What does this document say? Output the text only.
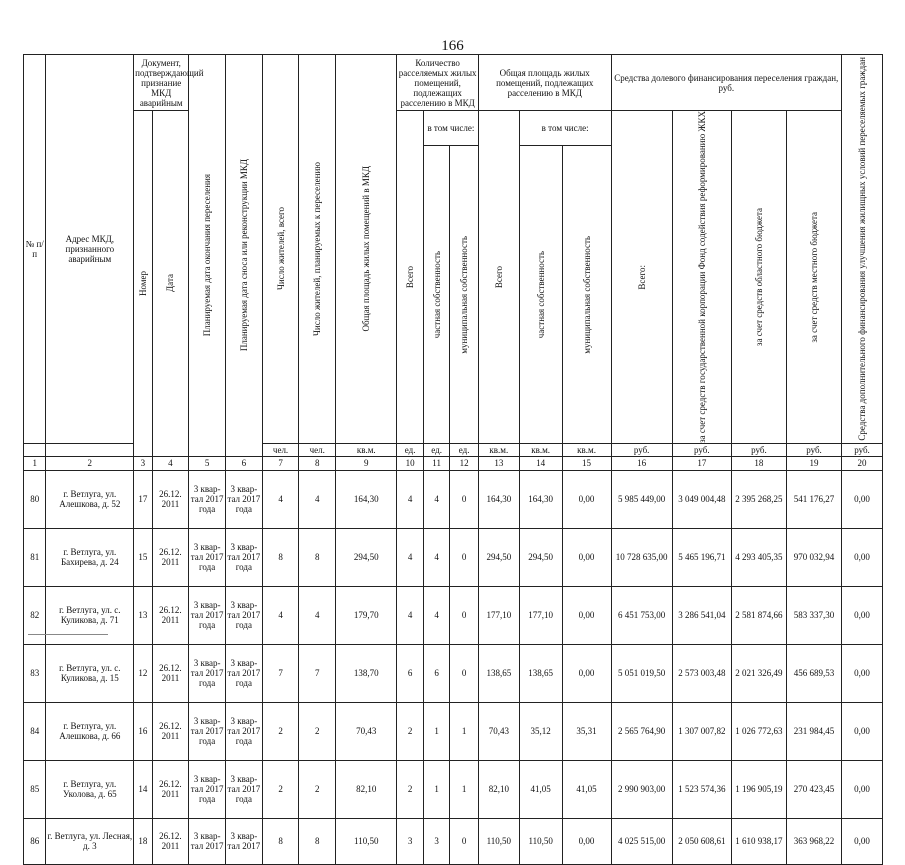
166
№ п/п	Адрес МКД, признанного аварийным	Документ, подтверждающий признание МКД аварийным		Планируемая дата окончания переселения	Планируемая дата сноса или реконструкции МКД	Число жителей, всего	Число жителей, планируемых к переселению	Общая площадь жилых помещений в МКД	Количество расселяемых жилых помещений, подлежащих расселению в МКД			Общая площадь жилых помещений, подлежащих расселению в МКД			Средства долевого финансирования переселения граждан, руб.				Средства дополнительного финансирования улучшения жилищных условий переселяемых граждан

		Номер	Дата						Всего	в том числе:		Всего	в том числе:		Всего:	за счет средств государственной корпорации Фонд содействия реформированию ЖКХ	за счет средств областного бюджета	за счет средств местного бюджета	

										частная собственность	муниципальная собственность		частная собственность	муниципальная собственность					

						чел.	чел.	кв.м.	ед.	ед.	ед.	кв.м.	кв.м.	кв.м.	руб.	руб.	руб.	руб.	руб.
1	2	3	4	5	6	7	8	9	10	11	12	13	14	15	16	17	18	19	20
80	г. Ветлуга, ул. Алешкова, д. 52	17	26.12. 2011	3 квар- тал 2017 года	3 квар- тал 2017 года	4	4	164,30	4	4	0	164,30	164,30	0,00	5 985 449,00	3 049 004,48	2 395 268,25	541 176,27	0,00
81	г. Ветлуга, ул. Бахирева, д. 24	15	26.12. 2011	3 квар- тал 2017 года	3 квар- тал 2017 года	8	8	294,50	4	4	0	294,50	294,50	0,00	10 728 635,00	5 465 196,71	4 293 405,35	970 032,94	0,00
82	г. Ветлуга, ул. с. Куликова, д. 71	13	26.12. 2011	3 квар- тал 2017 года	3 квар- тал 2017 года	4	4	179,70	4	4	0	177,10	177,10	0,00	6 451 753,00	3 286 541,04	2 581 874,66	583 337,30	0,00
83	г. Ветлуга, ул. с. Куликова, д. 15	12	26.12. 2011	3 квар- тал 2017 года	3 квар- тал 2017 года	7	7	138,70	6	6	0	138,65	138,65	0,00	5 051 019,50	2 573 003,48	2 021 326,49	456 689,53	0,00
84	г. Ветлуга, ул. Алешкова, д. 66	16	26.12. 2011	3 квар- тал 2017 года	3 квар- тал 2017 года	2	2	70,43	2	1	1	70,43	35,12	35,31	2 565 764,90	1 307 007,82	1 026 772,63	231 984,45	0,00
85	г. Ветлуга, ул. Уколова, д. 65	14	26.12. 2011	3 квар- тал 2017 года	3 квар- тал 2017 года	2	2	82,10	2	1	1	82,10	41,05	41,05	2 990 903,00	1 523 574,36	1 196 905,19	270 423,45	0,00
86	г. Ветлуга, ул. Лесная, д. 3	18	26.12. 2011	3 квар- тал 2017	3 квар- тал 2017	8	8	110,50	3	3	0	110,50	110,50	0,00	4 025 515,00	2 050 608,61	1 610 938,17	363 968,22	0,00
